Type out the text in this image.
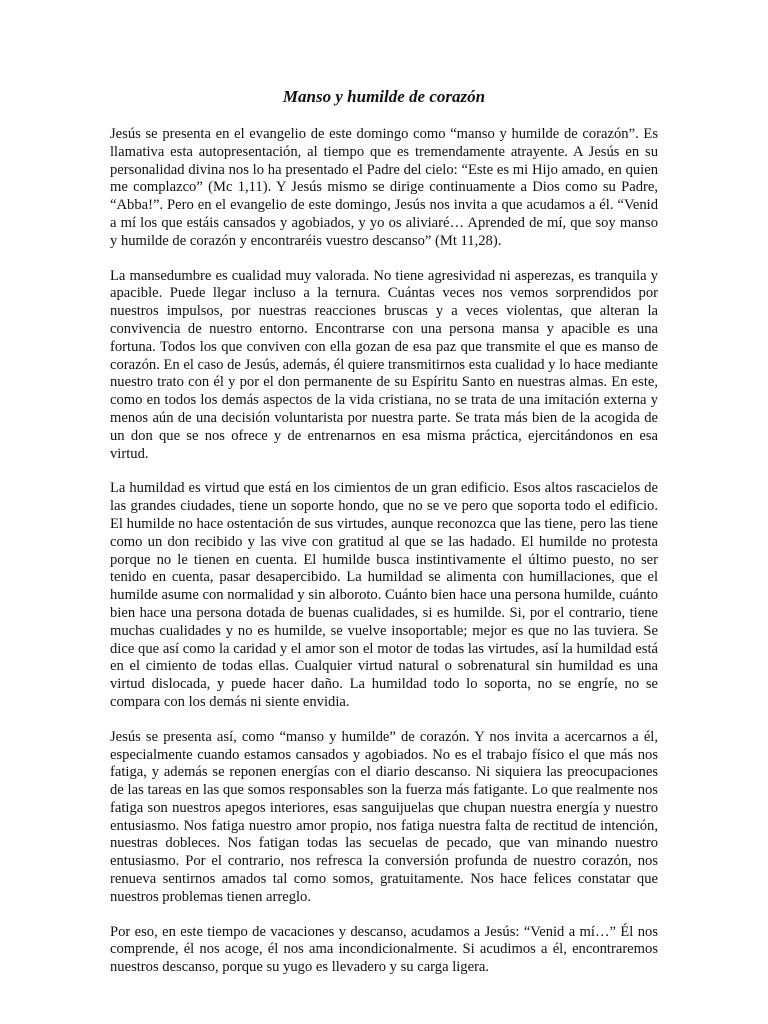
Manso y humilde de corazón

Jesús se presenta en el evangelio de este domingo como “manso y humilde de corazón”. Es llamativa esta autopresentación, al tiempo que es tremendamente atrayente. A Jesús en su personalidad divina nos lo ha presentado el Padre del cielo: “Este es mi Hijo amado, en quien me complazco” (Mc 1,11). Y Jesús mismo se dirige continuamente a Dios como su Padre, “Abba!”. Pero en el evangelio de este domingo, Jesús nos invita a que acudamos a él. “Venid a mí los que estáis cansados y agobiados, y yo os aliviaré… Aprended de mí, que soy manso y humilde de corazón y encontraréis vuestro descanso” (Mt 11,28).

La mansedumbre es cualidad muy valorada. No tiene agresividad ni asperezas, es tranquila y apacible. Puede llegar incluso a la ternura. Cuántas veces nos vemos sorprendidos por nuestros impulsos, por nuestras reacciones bruscas y a veces violentas, que alteran la convivencia de nuestro entorno. Encontrarse con una persona mansa y apacible es una fortuna. Todos los que conviven con ella gozan de esa paz que transmite el que es manso de corazón. En el caso de Jesús, además, él quiere transmitirnos esta cualidad y lo hace mediante nuestro trato con él y por el don permanente de su Espíritu Santo en nuestras almas. En este, como en todos los demás aspectos de la vida cristiana, no se trata de una imitación externa y menos aún de una decisión voluntarista por nuestra parte. Se trata más bien de la acogida de un don que se nos ofrece y de entrenarnos en esa misma práctica, ejercitándonos en esa virtud.

La humildad es virtud que está en los cimientos de un gran edificio. Esos altos rascacielos de las grandes ciudades, tiene un soporte hondo, que no se ve pero que soporta todo el edificio. El humilde no hace ostentación de sus virtudes, aunque reconozca que las tiene, pero las tiene como un don recibido y las vive con gratitud al que se las hadado. El humilde no protesta porque no le tienen en cuenta. El humilde busca instintivamente el último puesto, no ser tenido en cuenta, pasar desapercibido. La humildad se alimenta con humillaciones, que el humilde asume con normalidad y sin alboroto. Cuánto bien hace una persona humilde, cuánto bien hace una persona dotada de buenas cualidades, si es humilde. Si, por el contrario, tiene muchas cualidades y no es humilde, se vuelve insoportable; mejor es que no las tuviera. Se dice que así como la caridad y el amor son el motor de todas las virtudes, así la humildad está en el cimiento de todas ellas. Cualquier virtud natural o sobrenatural sin humildad es una virtud dislocada, y puede hacer daño. La humildad todo lo soporta, no se engríe, no se compara con los demás ni siente envidia.

Jesús se presenta así, como “manso y humilde” de corazón. Y nos invita a acercarnos a él, especialmente cuando estamos cansados y agobiados. No es el trabajo físico el que más nos fatiga, y además se reponen energías con el diario descanso. Ni siquiera las preocupaciones de las tareas en las que somos responsables son la fuerza más fatigante. Lo que realmente nos fatiga son nuestros apegos interiores, esas sanguijuelas que chupan nuestra energía y nuestro entusiasmo. Nos fatiga nuestro amor propio, nos fatiga nuestra falta de rectitud de intención, nuestras dobleces. Nos fatigan todas las secuelas de pecado, que van minando nuestro entusiasmo. Por el contrario, nos refresca la conversión profunda de nuestro corazón, nos renueva sentirnos amados tal como somos, gratuitamente. Nos hace felices constatar que nuestros problemas tienen arreglo.

Por eso, en este tiempo de vacaciones y descanso, acudamos a Jesús: “Venid a mí…” Él nos comprende, él nos acoge, él nos ama incondicionalmente. Si acudimos a él, encontraremos nuestros descanso, porque su yugo es llevadero y su carga ligera.
